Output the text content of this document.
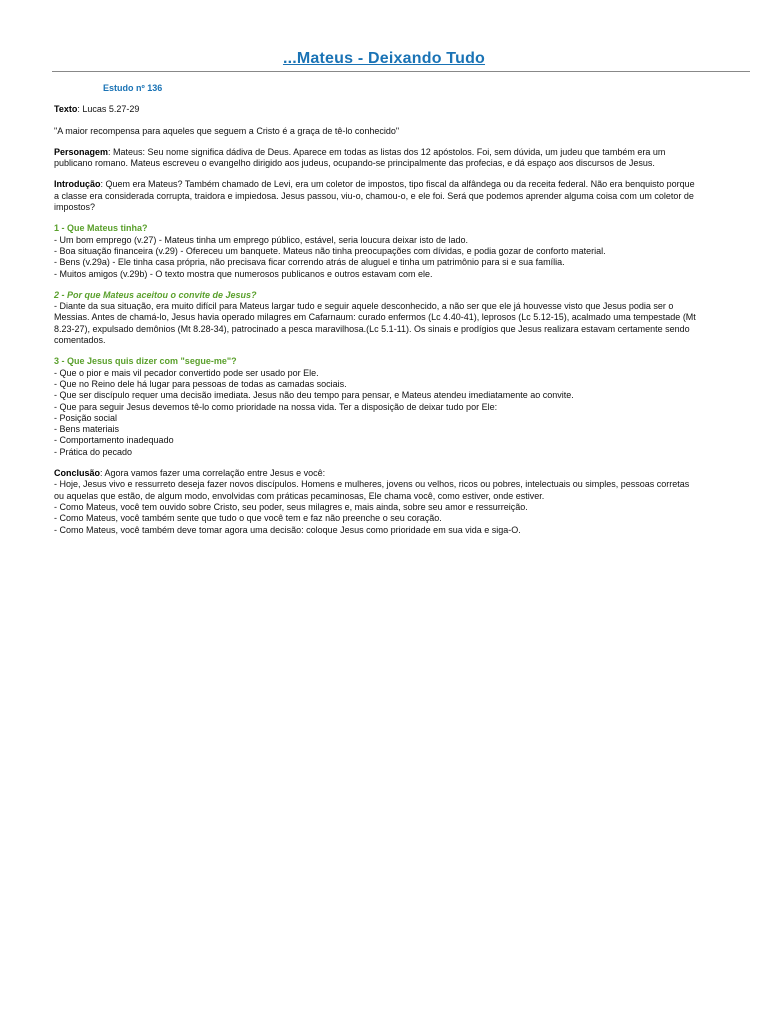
...Mateus - Deixando Tudo
Estudo nº 136
Texto: Lucas 5.27-29
"A maior recompensa para aqueles que seguem a Cristo é a graça de tê-lo conhecido"
Personagem: Mateus: Seu nome significa dádiva de Deus. Aparece em todas as listas dos 12 apóstolos. Foi, sem dúvida, um judeu que também era um publicano romano. Mateus escreveu o evangelho dirigido aos judeus, ocupando-se principalmente das profecias, e dá espaço aos discursos de Jesus.
Introdução: Quem era Mateus? Também chamado de Levi, era um coletor de impostos, tipo fiscal da alfândega ou da receita federal. Não era benquisto porque a classe era considerada corrupta, traidora e impiedosa. Jesus passou, viu-o, chamou-o, e ele foi. Será que podemos aprender alguma coisa com um coletor de impostos?
1 - Que Mateus tinha?
- Um bom emprego (v.27) - Mateus tinha um emprego público, estável, seria loucura deixar isto de lado.
- Boa situação financeira (v.29) - Ofereceu um banquete. Mateus não tinha preocupações com dívidas, e podia gozar de conforto material.
- Bens (v.29a) - Ele tinha casa própria, não precisava ficar correndo atrás de aluguel e tinha um patrimônio para si e sua família.
- Muitos amigos (v.29b) - O texto mostra que numerosos publicanos e outros estavam com ele.
2 - Por que Mateus aceitou o convite de Jesus?
- Diante da sua situação, era muito difícil para Mateus largar tudo e seguir aquele desconhecido, a não ser que ele já houvesse visto que Jesus podia ser o Messias. Antes de chamá-lo, Jesus havia operado milagres em Cafarnaum: curado enfermos (Lc 4.40-41), leprosos (Lc 5.12-15), acalmado uma tempestade (Mt 8.23-27), expulsado demônios (Mt 8.28-34), patrocinado a pesca maravilhosa.(Lc 5.1-11). Os sinais e prodígios que Jesus realizara estavam certamente sendo comentados.
3 - Que Jesus quis dizer com "segue-me"?
- Que o pior e mais vil pecador convertido pode ser usado por Ele.
- Que no Reino dele há lugar para pessoas de todas as camadas sociais.
- Que ser discípulo requer uma decisão imediata. Jesus não deu tempo para pensar, e Mateus atendeu imediatamente ao convite.
- Que para seguir Jesus devemos tê-lo como prioridade na nossa vida. Ter a disposição de deixar tudo por Ele:
- Posição social
- Bens materiais
- Comportamento inadequado
- Prática do pecado
Conclusão: Agora vamos fazer uma correlação entre Jesus e você:
- Hoje, Jesus vivo e ressurreto deseja fazer novos discípulos. Homens e mulheres, jovens ou velhos, ricos ou pobres, intelectuais ou simples, pessoas corretas ou aquelas que estão, de algum modo, envolvidas com práticas pecaminosas, Ele chama você, como estiver, onde estiver.
- Como Mateus, você tem ouvido sobre Cristo, seu poder, seus milagres e, mais ainda, sobre seu amor e ressurreição.
- Como Mateus, você também sente que tudo o que você tem e faz não preenche o seu coração.
- Como Mateus, você também deve tomar agora uma decisão: coloque Jesus como prioridade em sua vida e siga-O.
